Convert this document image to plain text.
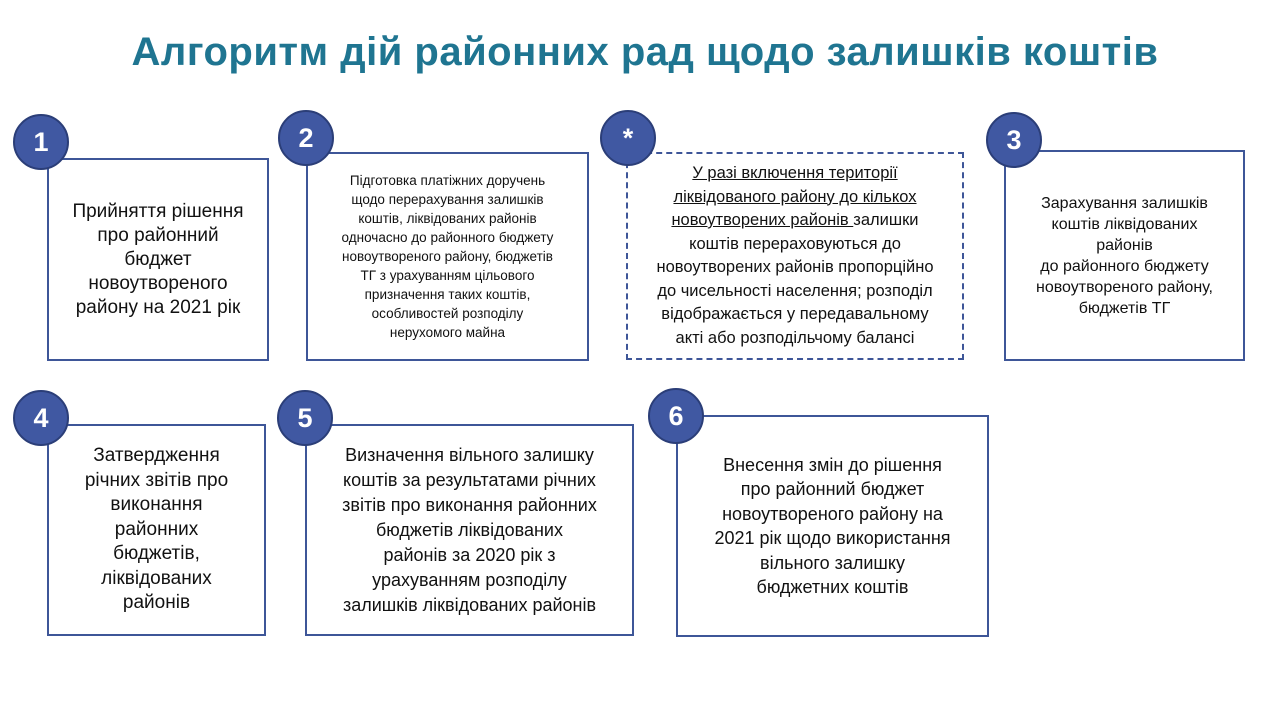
Алгоритм дій районних рад щодо залишків коштів
Прийняття рішення
про районний
бюджет
новоутвореного
району на 2021 рік
1
Підготовка платіжних доручень
щодо перерахування залишків
коштів, ліквідованих районів
одночасно до районного бюджету
новоутвореного району, бюджетів
ТГ з урахуванням цільового
призначення таких коштів,
особливостей розподілу
нерухомого майна
2
У разі включення території
ліквідованого району до кількох
новоутворених районів залишки
коштів перераховуються до
новоутворених районів пропорційно
до чисельності населення; розподіл
відображається у передавальному
акті або розподільчому балансі
*
Зарахування залишків
коштів ліквідованих
районів
до районного бюджету
новоутвореного району,
бюджетів ТГ
3
Затвердження
річних звітів про
виконання
районних
бюджетів,
ліквідованих
районів
4
Визначення вільного залишку
коштів за результатами річних
звітів про виконання районних
бюджетів ліквідованих
районів за 2020 рік з
урахуванням розподілу
залишків ліквідованих районів
5
Внесення змін до рішення
про районний бюджет
новоутвореного району на
2021 рік щодо використання
вільного залишку
бюджетних коштів
6
